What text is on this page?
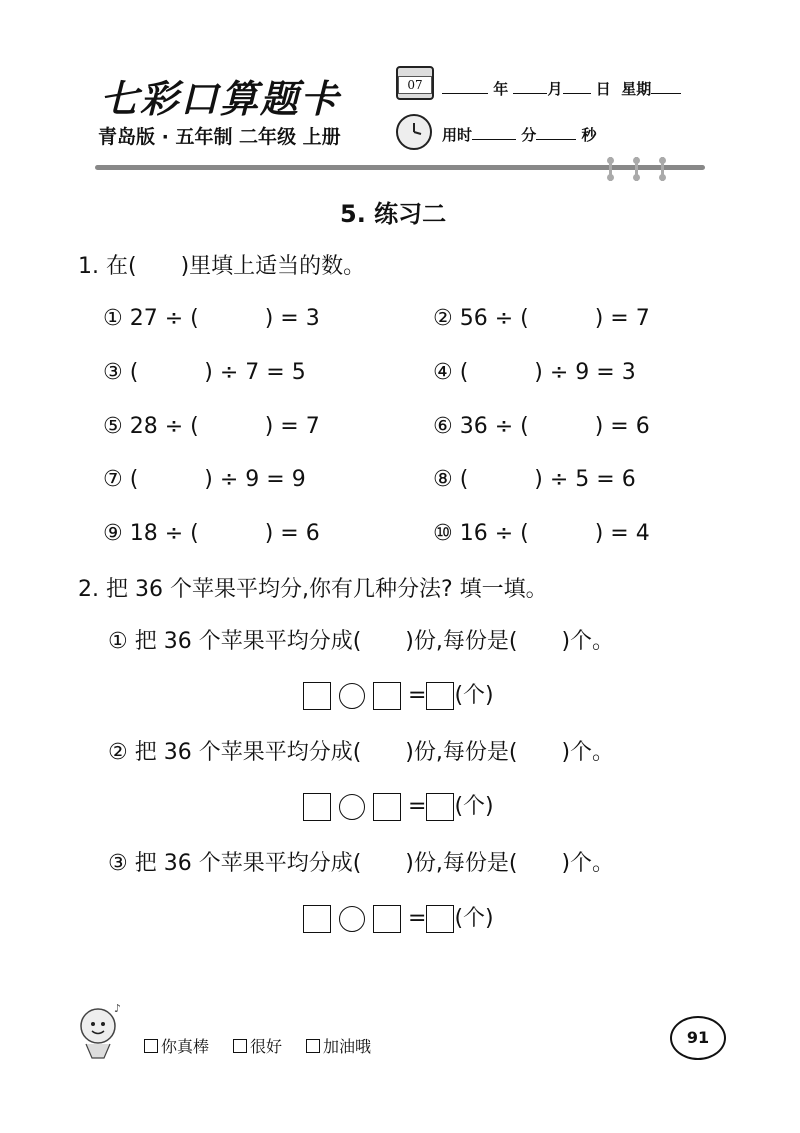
七彩口算题卡
青岛版 · 五年制 二年级 上册
07	年	月 日 星期
用时	分	秒
5. 练习二
1. 在(　　)里填上适当的数。
① 27 ÷ (　　　) = 3	② 56 ÷ (　　　) = 7
③ (　　　) ÷ 7 = 5	④ (　　　) ÷ 9 = 3
⑤ 28 ÷ (　　　) = 7	⑥ 36 ÷ (　　　) = 6
⑦ (　　　) ÷ 9 = 9	⑧ (　　　) ÷ 5 = 6
⑨ 18 ÷ (　　　) = 6	⑩ 16 ÷ (　　　) = 4
2. 把 36 个苹果平均分,你有几种分法? 填一填。
① 把 36 个苹果平均分成(　　)份,每份是(　　)个。
= (个)
② 把 36 个苹果平均分成(　　)份,每份是(　　)个。
= (个)
③ 把 36 个苹果平均分成(　　)份,每份是(　　)个。
= (个)
♪
你真棒	很好	加油哦	91
